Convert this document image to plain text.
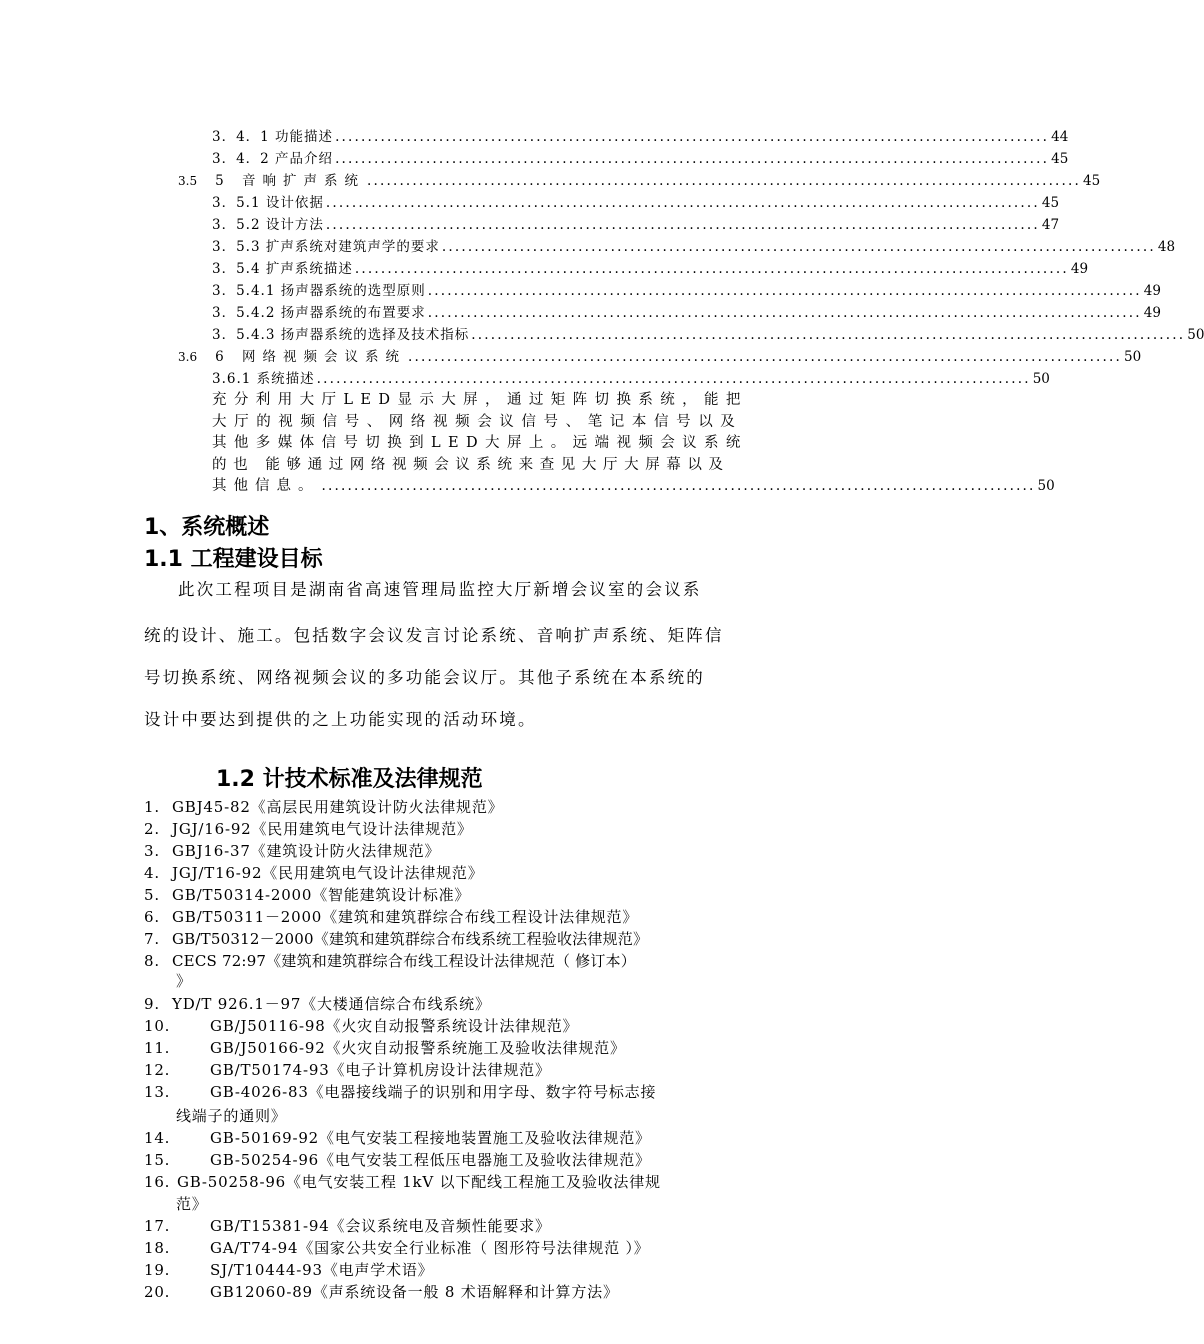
3．4．1 功能描述 .............................................................................................................. 44
3．4．2 产品介绍 .............................................................................................................. 45
3.5 5 音响扩声系统 .............................................................................................................. 45
3．5.1 设计依据 .............................................................................................................. 45
3．5.2 设计方法 .............................................................................................................. 47
3．5.3 扩声系统对建筑声学的要求 .............................................................................................................. 48
3．5.4 扩声系统描述 .............................................................................................................. 49
3．5.4.1 扬声器系统的选型原则 .............................................................................................................. 49
3．5.4.2 扬声器系统的布置要求 .............................................................................................................. 49
3．5.4.3 扬声器系统的选择及技术指标 .............................................................................................................. 50
3.6 6 网络视频会议系统 .............................................................................................................. 50
3.6.1 系统描述 .............................................................................................................. 50
充分利用大厅LED显示大屏，通过矩阵切换系统，能把
大厅的视频信号、网络视频会议信号、笔记本信号以及
其他多媒体信号切换到LED大屏上。远端视频会议系统
的也 能够通过网络视频会议系统来查见大厅大屏幕以及
其他信息。 .............................................................................................................. 50
1、系统概述
1.1 工程建设目标
此次工程项目是湖南省高速管理局监控大厅新增会议室的会议系
统的设计、施工。包括数字会议发言讨论系统、音响扩声系统、矩阵信
号切换系统、网络视频会议的多功能会议厅。其他子系统在本系统的
设计中要达到提供的之上功能实现的活动环境。
1.2 计技术标准及法律规范
1. GBJ45-82《高层民用建筑设计防火法律规范》
2. JGJ/16-92《民用建筑电气设计法律规范》
3. GBJ16-37《建筑设计防火法律规范》
4. JGJ/T16-92《民用建筑电气设计法律规范》
5. GB/T50314-2000《智能建筑设计标准》
6. GB/T50311－2000《建筑和建筑群综合布线工程设计法律规范》
7. GB/T50312－2000《建筑和建筑群综合布线系统工程验收法律规范》
8. CECS 72:97《建筑和建筑群综合布线工程设计法律规范（ 修订本）
》
9. YD/T 926.1－97《大楼通信综合布线系统》
10.	GB/J50116-98《火灾自动报警系统设计法律规范》
11.	GB/J50166-92《火灾自动报警系统施工及验收法律规范》
12.	GB/T50174-93《电子计算机房设计法律规范》
13.	GB-4026-83《电器接线端子的识别和用字母、数字符号标志接
线端子的通则》
14.	GB-50169-92《电气安装工程接地装置施工及验收法律规范》
15.	GB-50254-96《电气安装工程低压电器施工及验收法律规范》
16. GB-50258-96《电气安装工程 1kV 以下配线工程施工及验收法律规
范》
17.	GB/T15381-94《会议系统电及音频性能要求》
18.	GA/T74-94《国家公共安全行业标准（ 图形符号法律规范 ）》
19.	SJ/T10444-93《电声学术语》
20.	GB12060-89《声系统设备一般 8 术语解释和计算方法》
